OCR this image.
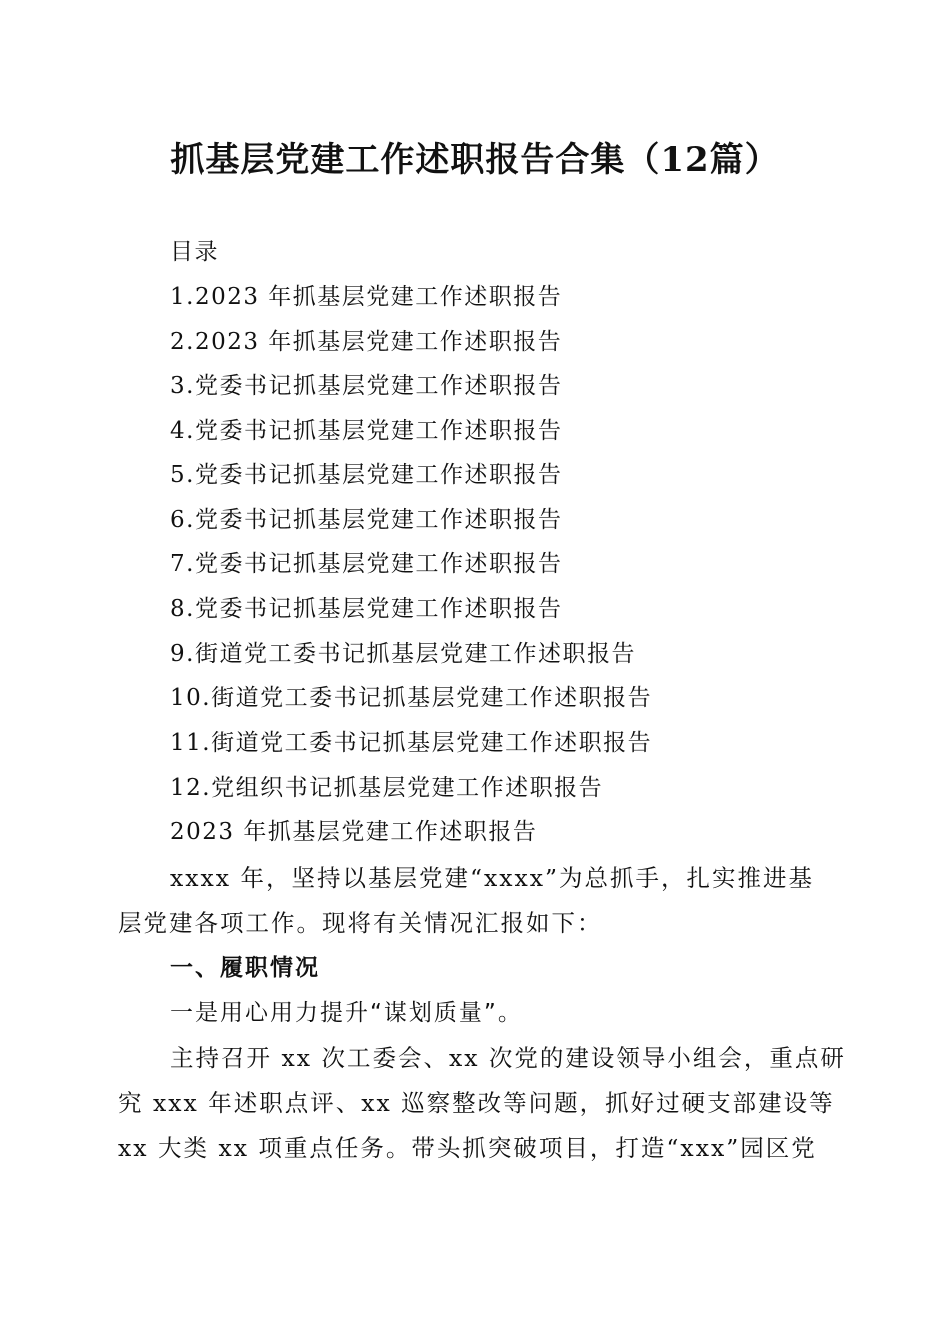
抓基层党建工作述职报告合集（12篇）

目录

1.2023 年抓基层党建工作述职报告

2.2023 年抓基层党建工作述职报告

3.党委书记抓基层党建工作述职报告

4.党委书记抓基层党建工作述职报告

5.党委书记抓基层党建工作述职报告

6.党委书记抓基层党建工作述职报告

7.党委书记抓基层党建工作述职报告

8.党委书记抓基层党建工作述职报告

9.街道党工委书记抓基层党建工作述职报告

10.街道党工委书记抓基层党建工作述职报告

11.街道党工委书记抓基层党建工作述职报告

12.党组织书记抓基层党建工作述职报告

2023 年抓基层党建工作述职报告

xxxx 年，坚持以基层党建“xxxx”为总抓手，扎实推进基

层党建各项工作。现将有关情况汇报如下：

一、履职情况

一是用心用力提升“谋划质量”。

主持召开 xx 次工委会、xx 次党的建设领导小组会，重点研

究 xxx 年述职点评、xx 巡察整改等问题，抓好过硬支部建设等

xx 大类 xx 项重点任务。带头抓突破项目，打造“xxx”园区党
